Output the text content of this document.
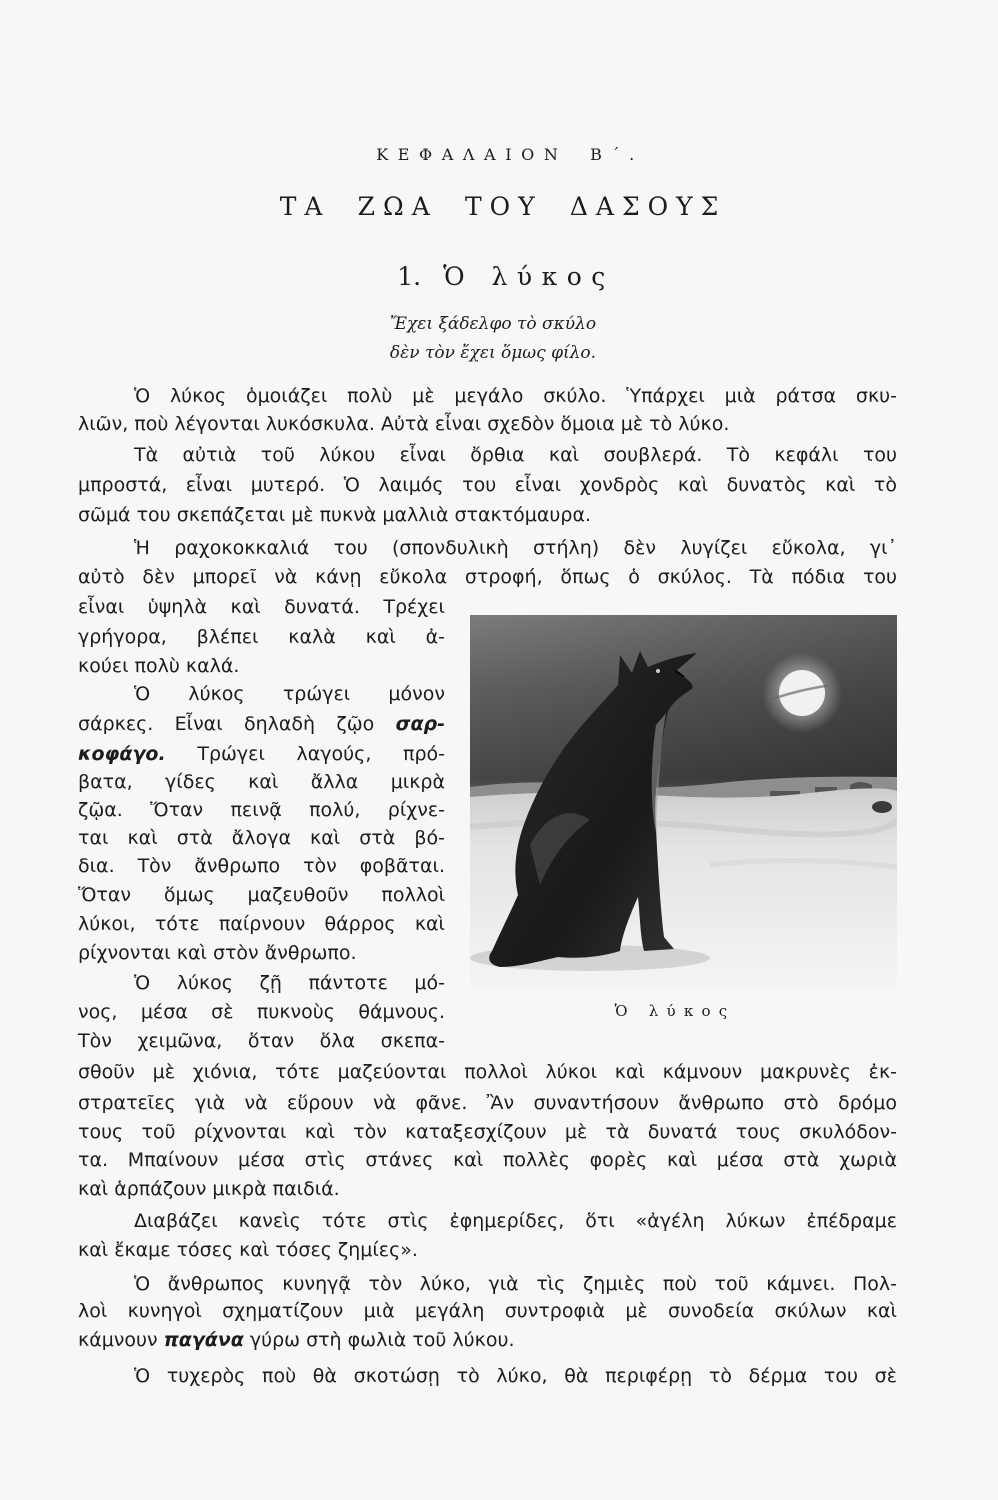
ΚΕΦΑΛΑΙΟΝ Β΄.
ΤΑ ΖΩΑ ΤΟΥ ΔΑΣΟΥΣ
1. Ὁ λύκος
Ἔχει ξάδελφο τὸ σκύλο
δὲν τὸν ἔχει ὅμως φίλο.
Ὁ λύκος ὁμοιάζει πολὺ μὲ μεγάλο σκύλο. Ὑπάρχει μιὰ ράτσα σκυ-
λιῶν, ποὺ λέγονται λυκόσκυλα. Αὐτὰ εἶναι σχεδὸν ὅμοια μὲ τὸ λύκο.
Τὰ αὐτιὰ τοῦ λύκου εἶναι ὄρθια καὶ σουβλερά. Τὸ κεφάλι του
μπροστά, εἶναι μυτερό. Ὁ λαιμός του εἶναι χονδρὸς καὶ δυνατὸς καὶ τὸ
σῶμά του σκεπάζεται μὲ πυκνὰ μαλλιὰ στακτόμαυρα.
Ἡ ραχοκοκκαλιά του (σπονδυλικὴ στήλη) δὲν λυγίζει εὔκολα, γι᾿
αὐτὸ δὲν μπορεῖ νὰ κάνῃ εὔκολα στροφή, ὅπως ὁ σκύλος. Τὰ πόδια του
εἶναι ὑψηλὰ καὶ δυνατά. Τρέχει
γρήγορα, βλέπει καλὰ καὶ ἀ-
κούει πολὺ καλά.
Ὁ λύκος τρώγει μόνον
σάρκες. Εἶναι δηλαδὴ ζῷο σαρ-
κοφάγο. Τρώγει λαγούς, πρό-
βατα, γίδες καὶ ἄλλα μικρὰ
ζῷα. Ὅταν πεινᾷ πολύ, ρίχνε-
ται καὶ στὰ ἄλογα καὶ στὰ βό-
δια. Τὸν ἄνθρωπο τὸν φοβᾶται.
Ὅταν ὅμως μαζευθοῦν πολλοὶ
λύκοι, τότε παίρνουν θάρρος καὶ
ρίχνονται καὶ στὸν ἄνθρωπο.
Ὁ λύκος ζῇ πάντοτε μό-
νος, μέσα σὲ πυκνοὺς θάμνους.
Τὸν χειμῶνα, ὅταν ὅλα σκεπα-
σθοῦν μὲ χιόνια, τότε μαζεύονται πολλοὶ λύκοι καὶ κάμνουν μακρυνὲς ἐκ-
στρατεῖες γιὰ νὰ εὕρουν νὰ φᾶνε. Ἂν συναντήσουν ἄνθρωπο στὸ δρόμο
τους τοῦ ρίχνονται καὶ τὸν καταξεσχίζουν μὲ τὰ δυνατά τους σκυλόδον-
τα. Μπαίνουν μέσα στὶς στάνες καὶ πολλὲς φορὲς καὶ μέσα στὰ χωριὰ
καὶ ἁρπάζουν μικρὰ παιδιά.
Διαβάζει κανεὶς τότε στὶς ἐφημερίδες, ὅτι «ἀγέλη λύκων ἐπέδραμε
καὶ ἔκαμε τόσες καὶ τόσες ζημίες».
Ὁ ἄνθρωπος κυνηγᾷ τὸν λύκο, γιὰ τὶς ζημιὲς ποὺ τοῦ κάμνει. Πολ-
λοὶ κυνηγοὶ σχηματίζουν μιὰ μεγάλη συντροφιὰ μὲ συνοδεία σκύλων καὶ
κάμνουν παγάνα γύρω στὴ φωλιὰ τοῦ λύκου.
Ὁ τυχερὸς ποὺ θὰ σκοτώσῃ τὸ λύκο, θὰ περιφέρῃ τὸ δέρμα του σὲ
Ὁ λύκος
